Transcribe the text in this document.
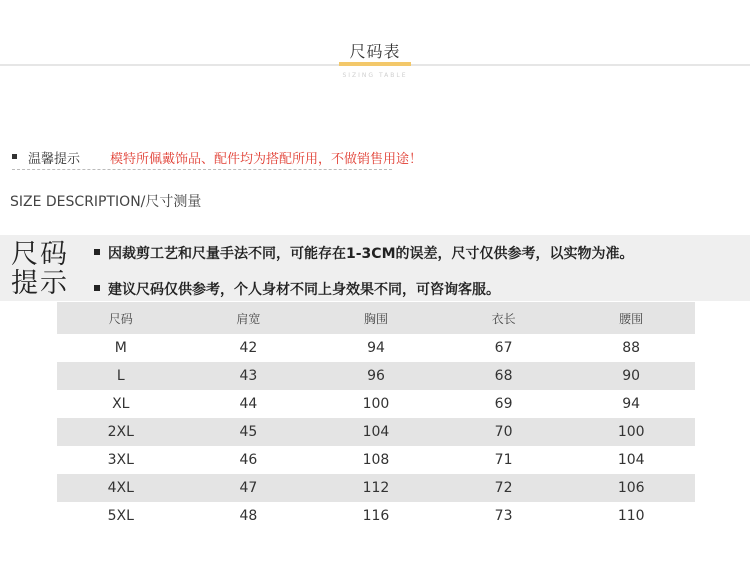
尺码表
SIZING TABLE
温馨提示 模特所佩戴饰品、配件均为搭配所用，不做销售用途！
SIZE DESCRIPTION/尺寸测量
尺码
提示
因裁剪工艺和尺量手法不同，可能存在1-3CM的误差，尺寸仅供参考，以实物为准。
建议尺码仅供参考，个人身材不同上身效果不同，可咨询客服。
尺码	肩宽	胸围	衣长	腰围
M	42	94	67	88
L	43	96	68	90
XL	44	100	69	94
2XL	45	104	70	100
3XL	46	108	71	104
4XL	47	112	72	106
5XL	48	116	73	110
